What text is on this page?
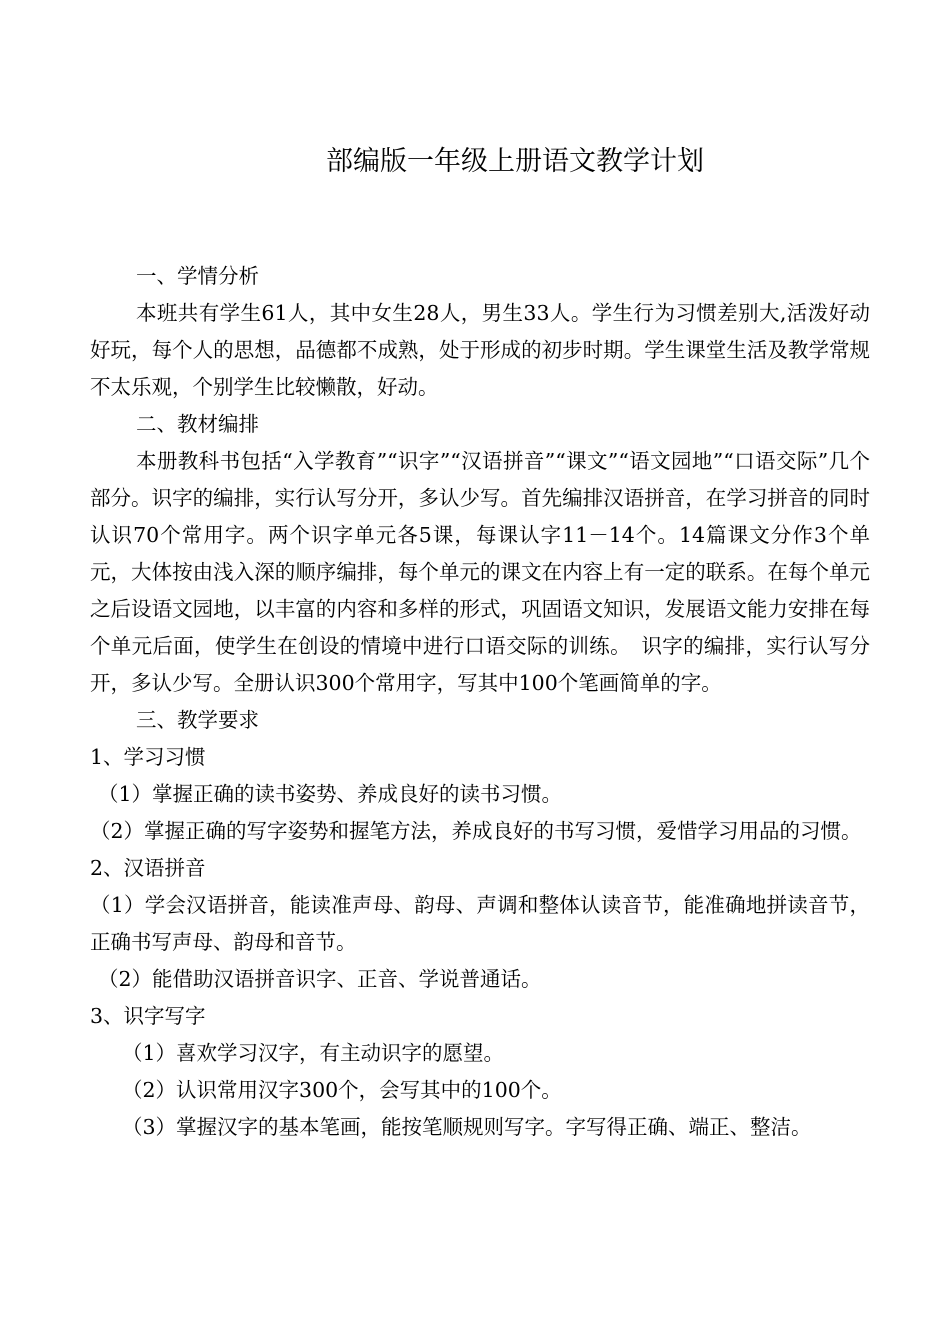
部编版一年级上册语文教学计划

一、学情分析

本班共有学生61人，其中女生28人，男生33人。学生行为习惯差别大,活泼好动好玩，每个人的思想，品德都不成熟，处于形成的初步时期。学生课堂生活及教学常规不太乐观，个别学生比较懒散，好动。

二、教材编排

本册教科书包括“入学教育”“识字”“汉语拼音”“课文”“语文园地”“口语交际”几个部分。识字的编排，实行认写分开，多认少写。首先编排汉语拼音，在学习拼音的同时认识70个常用字。两个识字单元各5课，每课认字11－14个。14篇课文分作3个单元，大体按由浅入深的顺序编排，每个单元的课文在内容上有一定的联系。在每个单元之后设语文园地，以丰富的内容和多样的形式，巩固语文知识，发展语文能力安排在每个单元后面，使学生在创设的情境中进行口语交际的训练。　识字的编排，实行认写分开，多认少写。全册认识300个常用字，写其中100个笔画简单的字。

三、教学要求

1、学习习惯

（1）掌握正确的读书姿势、养成良好的读书习惯。

（2）掌握正确的写字姿势和握笔方法，养成良好的书写习惯，爱惜学习用品的习惯。

2、汉语拼音

（1）学会汉语拼音，能读准声母、韵母、声调和整体认读音节，能准确地拼读音节，正确书写声母、韵母和音节。

（2）能借助汉语拼音识字、正音、学说普通话。

3、识字写字

（1）喜欢学习汉字，有主动识字的愿望。

（2）认识常用汉字300个，会写其中的100个。

（3）掌握汉字的基本笔画，能按笔顺规则写字。字写得正确、端正、整洁。
